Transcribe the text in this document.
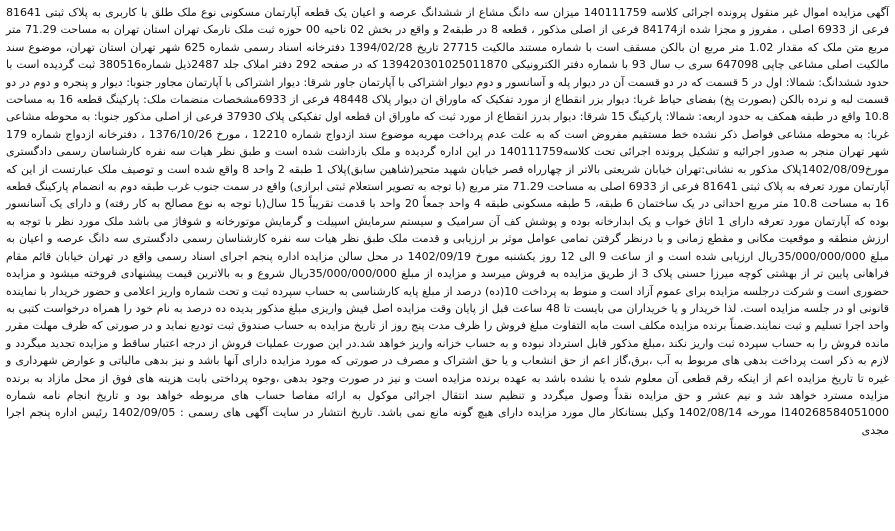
آگهی مزایده اموال غیر منقول پرونده اجرائی کلاسه 140111759 میزان سه دانگ مشاع از ششدانگ عرصه و اعیان یک قطعه آپارتمان مسکونی نوع ملک طلق با کاربری به پلاک ثبتی 81641 فرعی از 6933 اصلی ، مفروز و مجزا شده از84174 فرعی از اصلی مذکور ، قطعه 8 در طبقه2 و واقع در بخش 02 ناحیه 00 حوزه ثبت ملک نارمک تهران استان تهران به مساحت 71.29 متر مربع متن ملک که مقدار 1.02 متر مربع ان بالکن مسقف است با شماره مستند مالکیت 27715 تاریخ 1394/02/28 دفترخانه اسناد رسمی شماره 625 شهر تهران استان تهران، موضوع سند مالکیت اصلی مشاعی چاپی 647098 سری ب سال 93 با شماره دفتر الکترونیکی 139420301025011870 که در صفحه 292 دفتر املاک جلد 2487ذیل شماره380516 ثبت گردیده است با حدود ششدانگ: شمالا: اول در 5 قسمت که در دو قسمت آن در دیوار پله و آسانسور و دوم دیوار اشتراکی با آپارتمان جاور شرقا: دیوار اشتراکی با آپارتمان مجاور جنوبا: دیوار و پنجره و دوم در دو قسمت لبه و نرده بالکن (بصورت پخ) بفضای حیاط غربا: دیوار بزر انقطاع از مورد تفکیک که ماوراق ان دیوار پلاک 48448 فرعی از 6933مشخصات منضمات ملک: پارکینگ قطعه 16 به مساحت 10.8 واقع در طبقه همکف به حدود اربعه: شمالا: پارکینگ 15 شرقا: دیوار بدرز انقطاع از مورد ثبت که ماوراق ان قطعه اول تفکیکی پلاک 37930 فرعی از اصلی مذکور جنوبا: به محوطه مشاعی غربا: به محوطه مشاعی فواصل ذکر نشده خط مستقیم مفروض است که به علت عدم پرداخت مهریه موضوع سند ازدواج شماره 12210 ، مورخ 1376/10/26 ، دفترخانه ازدواج شماره 179 شهر تهران منجر به صدور اجرائیه و تشکیل پرونده اجرائی تحت کلاسه140111759 در این اداره گردیده و ملک بازداشت شده است و طبق نظر هیات سه نفره کارشناسان رسمی دادگستری مورخ1402/08/09پلاک مذکور به نشانی:تهران خیابان شریعتی بالاتر از چهارراه قصر خیابان شهید متحیر(شاهین سابق)پلاک 1 طبقه 2 واحد 8 واقع شده است و توصیف ملک عبارتست از این که آپارتمان مورد تعرفه به پلاک ثبتی 81641 فرعی از 6933 اصلی به مساحت 71.29 متر مربع (با توجه به تصویر استعلام ثبتی ابرازی) واقع در سمت جنوب غرب طبقه دوم به انضمام پارکینگ قطعه 16 به مساحت 10.8 متر مربع احداثی در یک ساختمان 6 طبقه، 5 طبقه مسکونی طبقه 4 واحد جمعاً 20 واحد با قدمت تقریباً 15 سال(با توجه به نوع مصالح به کار رفته) و دارای یک آسانسور بوده که آپارتمان مورد تعرفه دارای 1 اتاق خواب و یک ابدارخانه بوده و پوشش کف آن سرامیک و سیستم سرمایش اسپیلت و گرمایش موتورخانه و شوفاژ می باشد ملک مورد نظر با توجه به ارزش منطقه و موقعیت مکانی و مقطع زمانی و با درنظر گرفتن تمامی عوامل موثر بر ارزیابی و قدمت ملک طبق نظر هیات سه نفره کارشناسان رسمی دادگستری سه دانگ عرصه و اعیان به مبلغ 35/000/000/000ریال ارزیابی شده است و از ساعت 9 الی 12 روز یکشنبه مورخ 1402/09/19 در محل سالن مزایده اداره پنجم اجرای اسناد رسمی واقع در تهران خیابان قائم مقام فراهانی پایین تر از بهشتی کوچه میرزا حسنی پلاک 3 از طریق مزایده به فروش میرسد و مزایده از مبلغ 35/000/000/000ریال شروع و به بالاترین قیمت پیشنهادی فروخته میشود و مزایده حضوری است و شرکت درجلسه مزایده برای عموم آزاد است و منوط به پرداخت 10(ده) درصد از مبلغ پایه کارشناسی به حساب سپرده ثبت و تحت شماره واریز اعلامی و حضور خریدار با نماینده قانونی او در جلسه مزایده است. لذا خریدار و یا خریداران می بایست تا 48 ساعت قبل از پایان وقت مزایده اصل فیش واریزی مبلغ مذکور بدیده ده درصد به نام خود را همراه درخواست کتبی به واحد اجرا تسلیم و ثبت نمایند.ضمناً برنده مزایده مکلف است مابه التفاوت مبلغ فروش را ظرف مدت پنج روز از تاریخ مزایده به حساب صندوق ثبت تودیع نماید و در صورتی که ظرف مهلت مقرر مانده فروش را به حساب سپرده ثبت واریز نکند ،مبلغ مذکور قابل استرداد نبوده و به حساب خزانه واریز خواهد شد.در این صورت عملیات فروش از درجه اعتبار ساقط و مزایده تجدید میگردد و لازم به ذکر است پرداخت بدهی های مربوط به آب ،برق،گاز اعم از حق انشعاب و یا حق اشتراک و مصرف در صورتی که مورد مزایده دارای آنها باشد و نیز بدهی مالیاتی و عوارض شهرداری و غیره تا تاریخ مزایده اعم از اینکه رقم قطعی آن معلوم شده یا نشده باشد به عهده برنده مزایده است و نیز در صورت وجود بدهی ،وجوه پرداختی بابت هزینه های فوق از محل مازاد به برنده مزایده مسترد خواهد شد و نیم عشر و حق مزایده نقداً وصول میگردد و تنظیم سند انتقال اجرائی موکول به ارائه مفاصا حساب های مربوطه خواهد بود و تاریخ انجام نامه شماره 140268584051000ا مورخه 1402/08/14 وکیل بستانکار مال مورد مزایده دارای هیچ گونه مانع نمی باشد. تاریخ انتشار در سایت آگهی های رسمی : 1402/09/05 رئیس اداره پنجم اجرا مجدی
